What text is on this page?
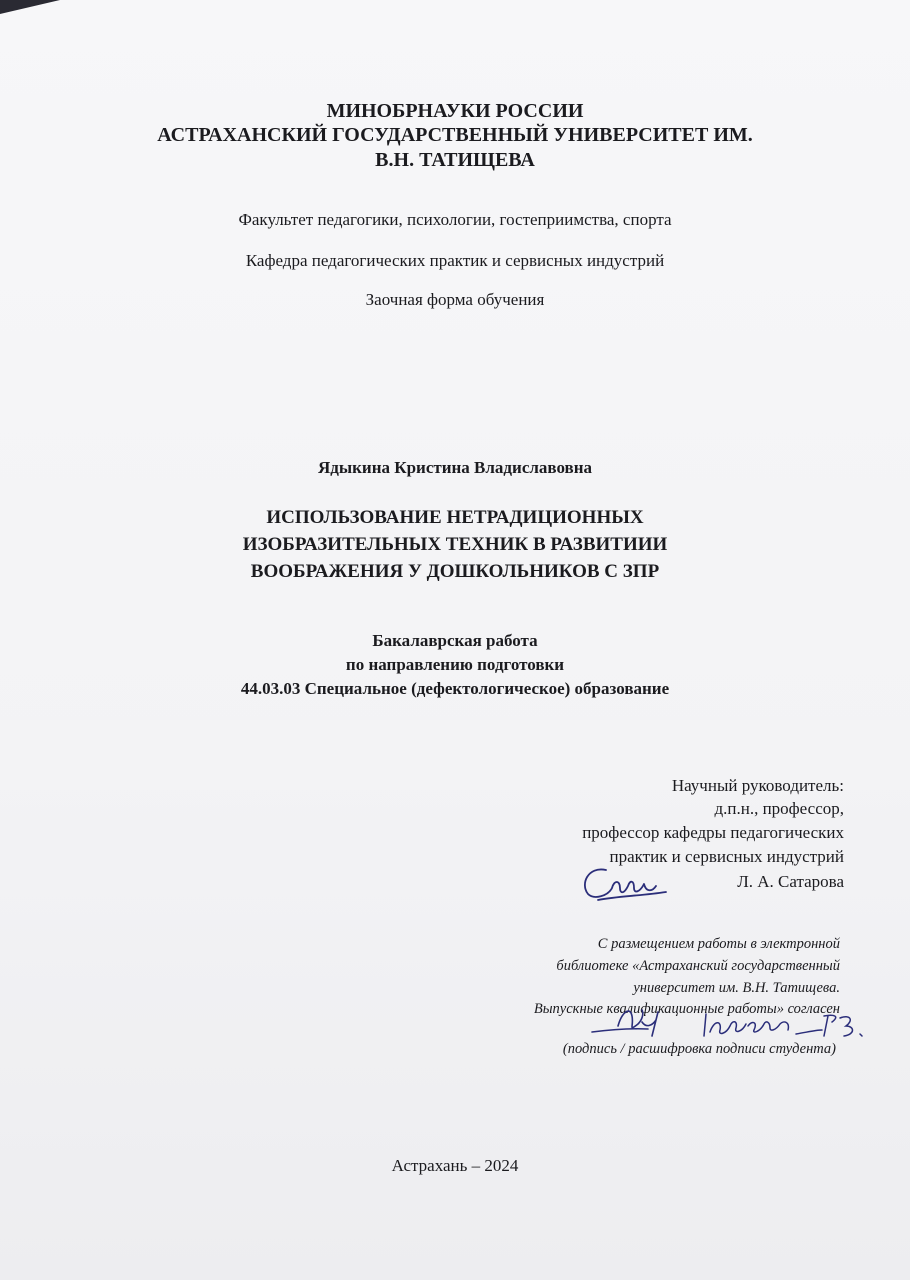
МИНОБРНАУКИ РОССИИ
АСТРАХАНСКИЙ ГОСУДАРСТВЕННЫЙ УНИВЕРСИТЕТ ИМ.
В.Н. ТАТИЩЕВА
Факультет педагогики, психологии, гостеприимства, спорта
Кафедра педагогических практик и сервисных индустрий
Заочная форма обучения
Ядыкина Кристина Владиславовна
ИСПОЛЬЗОВАНИЕ НЕТРАДИЦИОННЫХ
ИЗОБРАЗИТЕЛЬНЫХ ТЕХНИК В РАЗВИТИИИ
ВООБРАЖЕНИЯ У ДОШКОЛЬНИКОВ С ЗПР
Бакалаврская работа
по направлению подготовки
44.03.03 Специальное (дефектологическое) образование
Научный руководитель:
д.п.н., профессор,
профессор кафедры педагогических
практик и сервисных индустрий
Л. А. Сатарова
С размещением работы в электронной
библиотеке «Астраханский государственный
университет им. В.Н. Татищева.
Выпускные квалификационные работы» согласен
(подпись / расшифровка подписи студента)
Астрахань – 2024
